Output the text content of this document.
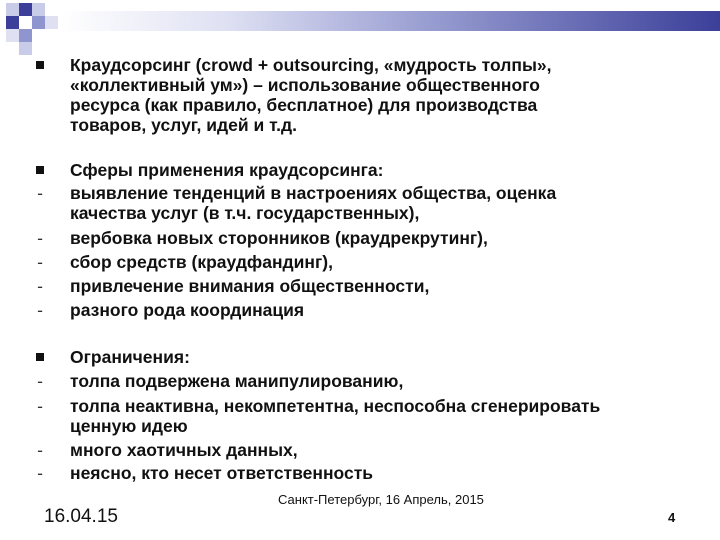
Краудсорсинг (crowd + outsourcing, «мудрость толпы»,
«коллективный ум») – использование общественного
ресурса (как правило, бесплатное) для производства
товаров, услуг, идей и т.д.
Сферы применения краудсорсинга:
-	выявление тенденций в настроениях общества, оценка
качества услуг (в т.ч. государственных),
-	вербовка новых сторонников (краудрекрутинг),
-	сбор средств (краудфандинг),
-	привлечение внимания общественности,
-	разного рода координация
Ограничения:
-	толпа подвержена манипулированию,
-	толпа неактивна, некомпетентна, неспособна сгенерировать
ценную идею
-	много хаотичных данных,
-	неясно, кто несет ответственность
Санкт-Петербург, 16 Апрель, 2015
16.04.15	4
